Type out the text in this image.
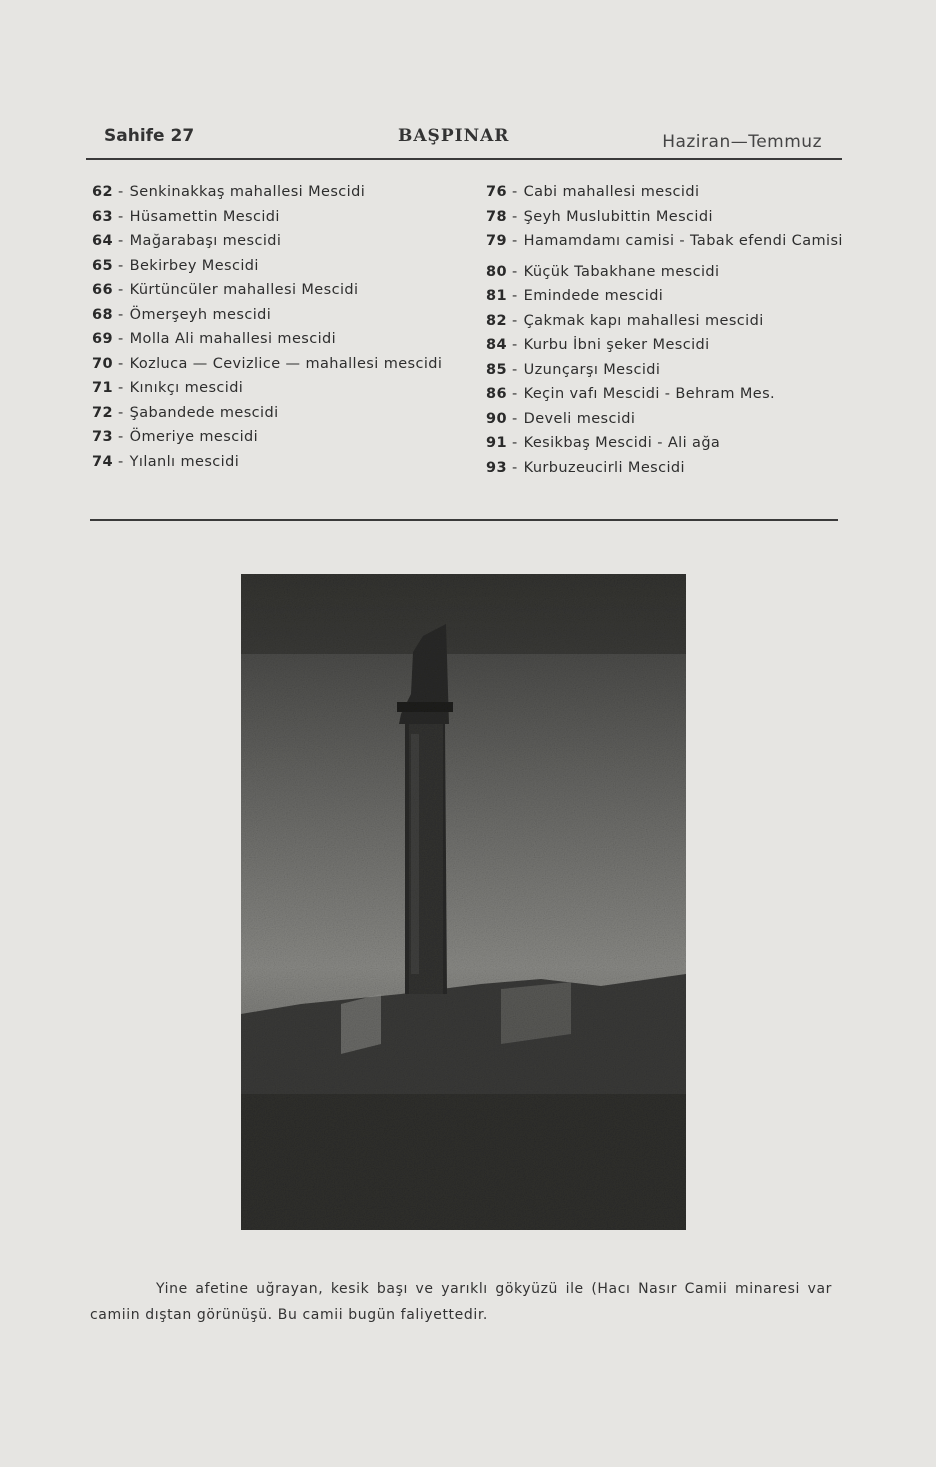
Sahife 27	BAŞPINAR	Haziran—Temmuz
62 - Senkinakkaş mahallesi Mescidi
63 - Hüsamettin Mescidi
64 - Mağarabaşı mescidi
65 - Bekirbey Mescidi
66 - Kürtüncüler mahallesi Mescidi
68 - Ömerşeyh mescidi
69 - Molla Ali mahallesi mescidi
70 - Kozluca — Cevizlice — mahallesi mescidi
71 - Kınıkçı mescidi
72 - Şabandede mescidi
73 - Ömeriye mescidi
74 - Yılanlı mescidi
76 - Cabi mahallesi mescidi
78 - Şeyh Muslubittin Mescidi
79 - Hamamdamı camisi - Tabak efendi Camisi
80 - Küçük Tabakhane mescidi
81 - Emindede mescidi
82 - Çakmak kapı mahallesi mescidi
84 - Kurbu İbni şeker Mescidi
85 - Uzunçarşı Mescidi
86 - Keçin vafı Mescidi - Behram Mes.
90 - Develi mescidi
91 - Kesikbaş Mescidi - Ali ağa
93 - Kurbuzeucirli Mescidi

Yine afetine uğrayan, kesik başı ve yarıklı gökyüzü ile (Hacı Nasır Camii minaresi var camiin dıştan görünüşü. Bu camii bugün faliyettedir.
